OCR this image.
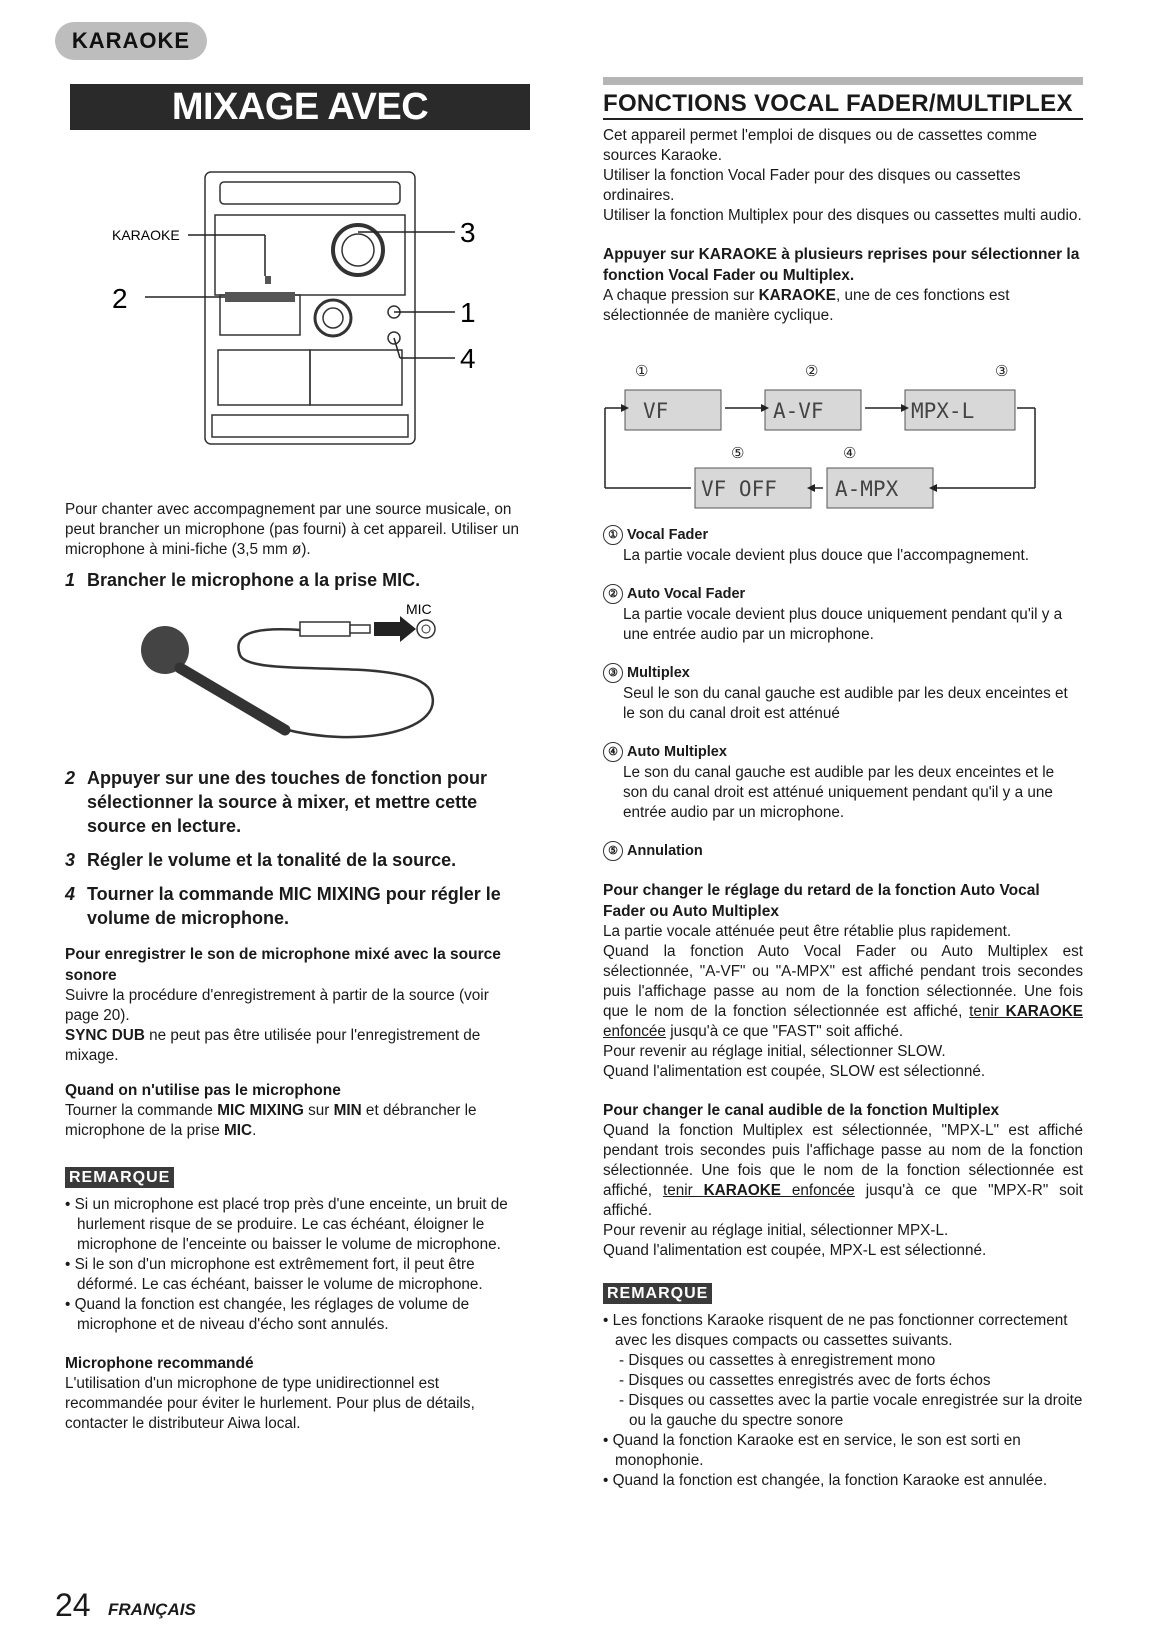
KARAOKE
MIXAGE AVEC MICROPHONE
FONCTIONS VOCAL FADER/MULTIPLEX
KARAOKE	3
2	1
4

Pour chanter avec accompagnement par une source musicale, on peut brancher un microphone (pas fourni) à cet appareil. Utiliser un microphone à mini-fiche (3,5 mm ø).

1 Brancher le microphone a la prise MIC.
MIC
2 Appuyer sur une des touches de fonction pour sélectionner la source à mixer, et mettre cette source en lecture.
3 Régler le volume et la tonalité de la source.
4 Tourner la commande MIC MIXING pour régler le volume de microphone.
Pour enregistrer le son de microphone mixé avec la source sonore

Suivre la procédure d'enregistrement à partir de la source (voir page 20).

SYNC DUB ne peut pas être utilisée pour l'enregistrement de mixage.

Quand on n'utilise pas le microphone

Tourner la commande MIC MIXING sur MIN et débrancher le microphone de la prise MIC.

REMARQUE
• Si un microphone est placé trop près d'une enceinte, un bruit de hurlement risque de se produire. Le cas échéant, éloigner le microphone de l'enceinte ou baisser le volume de microphone.
• Si le son d'un microphone est extrêmement fort, il peut être déformé. Le cas échéant, baisser le volume de microphone.
• Quand la fonction est changée, les réglages de volume de microphone et de niveau d'écho sont annulés.
Microphone recommandé

L'utilisation d'un microphone de type unidirectionnel est recommandée pour éviter le hurlement. Pour plus de détails, contacter le distributeur Aiwa local.

Cet appareil permet l'emploi de disques ou de cassettes comme sources Karaoke.

Utiliser la fonction Vocal Fader pour des disques ou cassettes ordinaires.

Utiliser la fonction Multiplex pour des disques ou cassettes multi audio.

Appuyer sur KARAOKE à plusieurs reprises pour sélectionner la fonction Vocal Fader ou Multiplex.

A chaque pression sur KARAOKE, une de ces fonctions est sélectionnée de manière cyclique.

①	②	③
⑤	④
VF	A-VF	MPX-L
VF OFF	A-MPX
① Vocal Fader

La partie vocale devient plus douce que l'accompagnement.

② Auto Vocal Fader

La partie vocale devient plus douce uniquement pendant qu'il y a une entrée audio par un microphone.

③ Multiplex

Seul le son du canal gauche est audible par les deux enceintes et le son du canal droit est atténué

④ Auto Multiplex

Le son du canal gauche est audible par les deux enceintes et le son du canal droit est atténué uniquement pendant qu'il y a une entrée audio par un microphone.

⑤ Annulation
Pour changer le réglage du retard de la fonction Auto Vocal Fader ou Auto Multiplex

La partie vocale atténuée peut être rétablie plus rapidement.

Quand la fonction Auto Vocal Fader ou Auto Multiplex est sélectionnée, "A-VF" ou "A-MPX" est affiché pendant trois secondes puis l'affichage passe au nom de la fonction sélectionnée. Une fois que le nom de la fonction sélectionnée est affiché, tenir KARAOKE enfoncée jusqu'à ce que "FAST" soit affiché.

Pour revenir au réglage initial, sélectionner SLOW.

Quand l'alimentation est coupée, SLOW est sélectionné.

Pour changer le canal audible de la fonction Multiplex

Quand la fonction Multiplex est sélectionnée, "MPX-L" est affiché pendant trois secondes puis l'affichage passe au nom de la fonction sélectionnée. Une fois que le nom de la fonction sélectionnée est affiché, tenir KARAOKE enfoncée jusqu'à ce que "MPX-R" soit affiché.

Pour revenir au réglage initial, sélectionner MPX-L.

Quand l'alimentation est coupée, MPX-L est sélectionné.

REMARQUE
• Les fonctions Karaoke risquent de ne pas fonctionner correctement avec les disques compacts ou cassettes suivants.
- Disques ou cassettes à enregistrement mono
- Disques ou cassettes enregistrés avec de forts échos
- Disques ou cassettes avec la partie vocale enregistrée sur la droite ou la gauche du spectre sonore
• Quand la fonction Karaoke est en service, le son est sorti en monophonie.
• Quand la fonction est changée, la fonction Karaoke est annulée.
24 FRANÇAIS
